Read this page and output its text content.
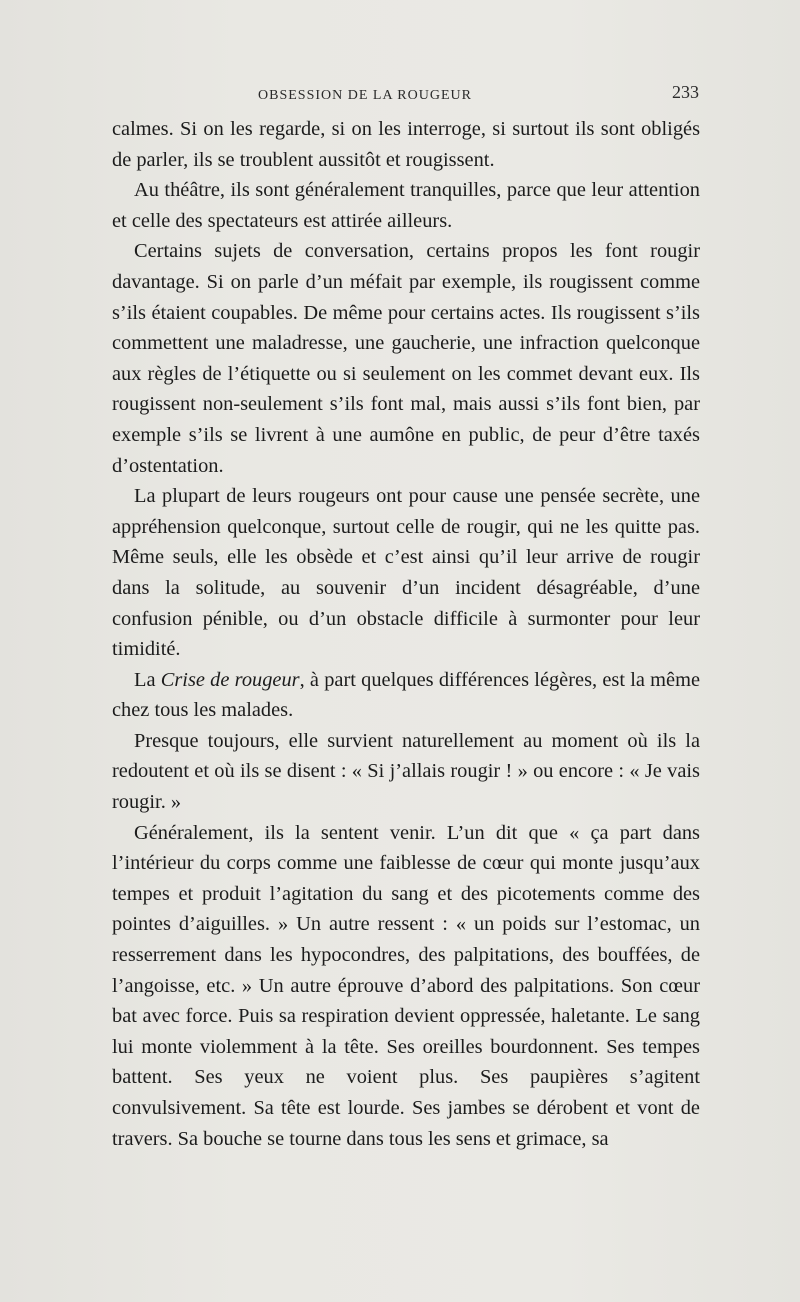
OBSESSION DE LA ROUGEUR	233

calmes. Si on les regarde, si on les interroge, si surtout ils sont obligés de parler, ils se troublent aussitôt et rougissent.

Au théâtre, ils sont généralement tranquilles, parce que leur attention et celle des spectateurs est attirée ailleurs.

Certains sujets de conversation, certains propos les font rougir davantage. Si on parle d’un méfait par exemple, ils rougissent comme s’ils étaient coupables. De même pour certains actes. Ils rougissent s’ils commettent une maladresse, une gaucherie, une infraction quelconque aux règles de l’étiquette ou si seulement on les commet devant eux. Ils rougissent non-seulement s’ils font mal, mais aussi s’ils font bien, par exemple s’ils se livrent à une aumône en public, de peur d’être taxés d’ostentation.

La plupart de leurs rougeurs ont pour cause une pensée secrète, une appréhension quelconque, surtout celle de rougir, qui ne les quitte pas. Même seuls, elle les obsède et c’est ainsi qu’il leur arrive de rougir dans la solitude, au souvenir d’un incident désagréable, d’une confusion pénible, ou d’un obstacle difficile à surmonter pour leur timidité.

La Crise de rougeur, à part quelques différences légères, est la même chez tous les malades.

Presque toujours, elle survient naturellement au moment où ils la redoutent et où ils se disent : « Si j’allais rougir ! » ou encore : « Je vais rougir. »

Généralement, ils la sentent venir. L’un dit que « ça part dans l’intérieur du corps comme une faiblesse de cœur qui monte jusqu’aux tempes et produit l’agitation du sang et des picotements comme des pointes d’aiguilles. » Un autre ressent : « un poids sur l’estomac, un resserrement dans les hypocondres, des palpitations, des bouffées, de l’angoisse, etc. » Un autre éprouve d’abord des palpitations. Son cœur bat avec force. Puis sa respiration devient oppressée, haletante. Le sang lui monte violemment à la tête. Ses oreilles bourdonnent. Ses tempes battent. Ses yeux ne voient plus. Ses paupières s’agitent convulsivement. Sa tête est lourde. Ses jambes se dérobent et vont de travers. Sa bouche se tourne dans tous les sens et grimace, sa
